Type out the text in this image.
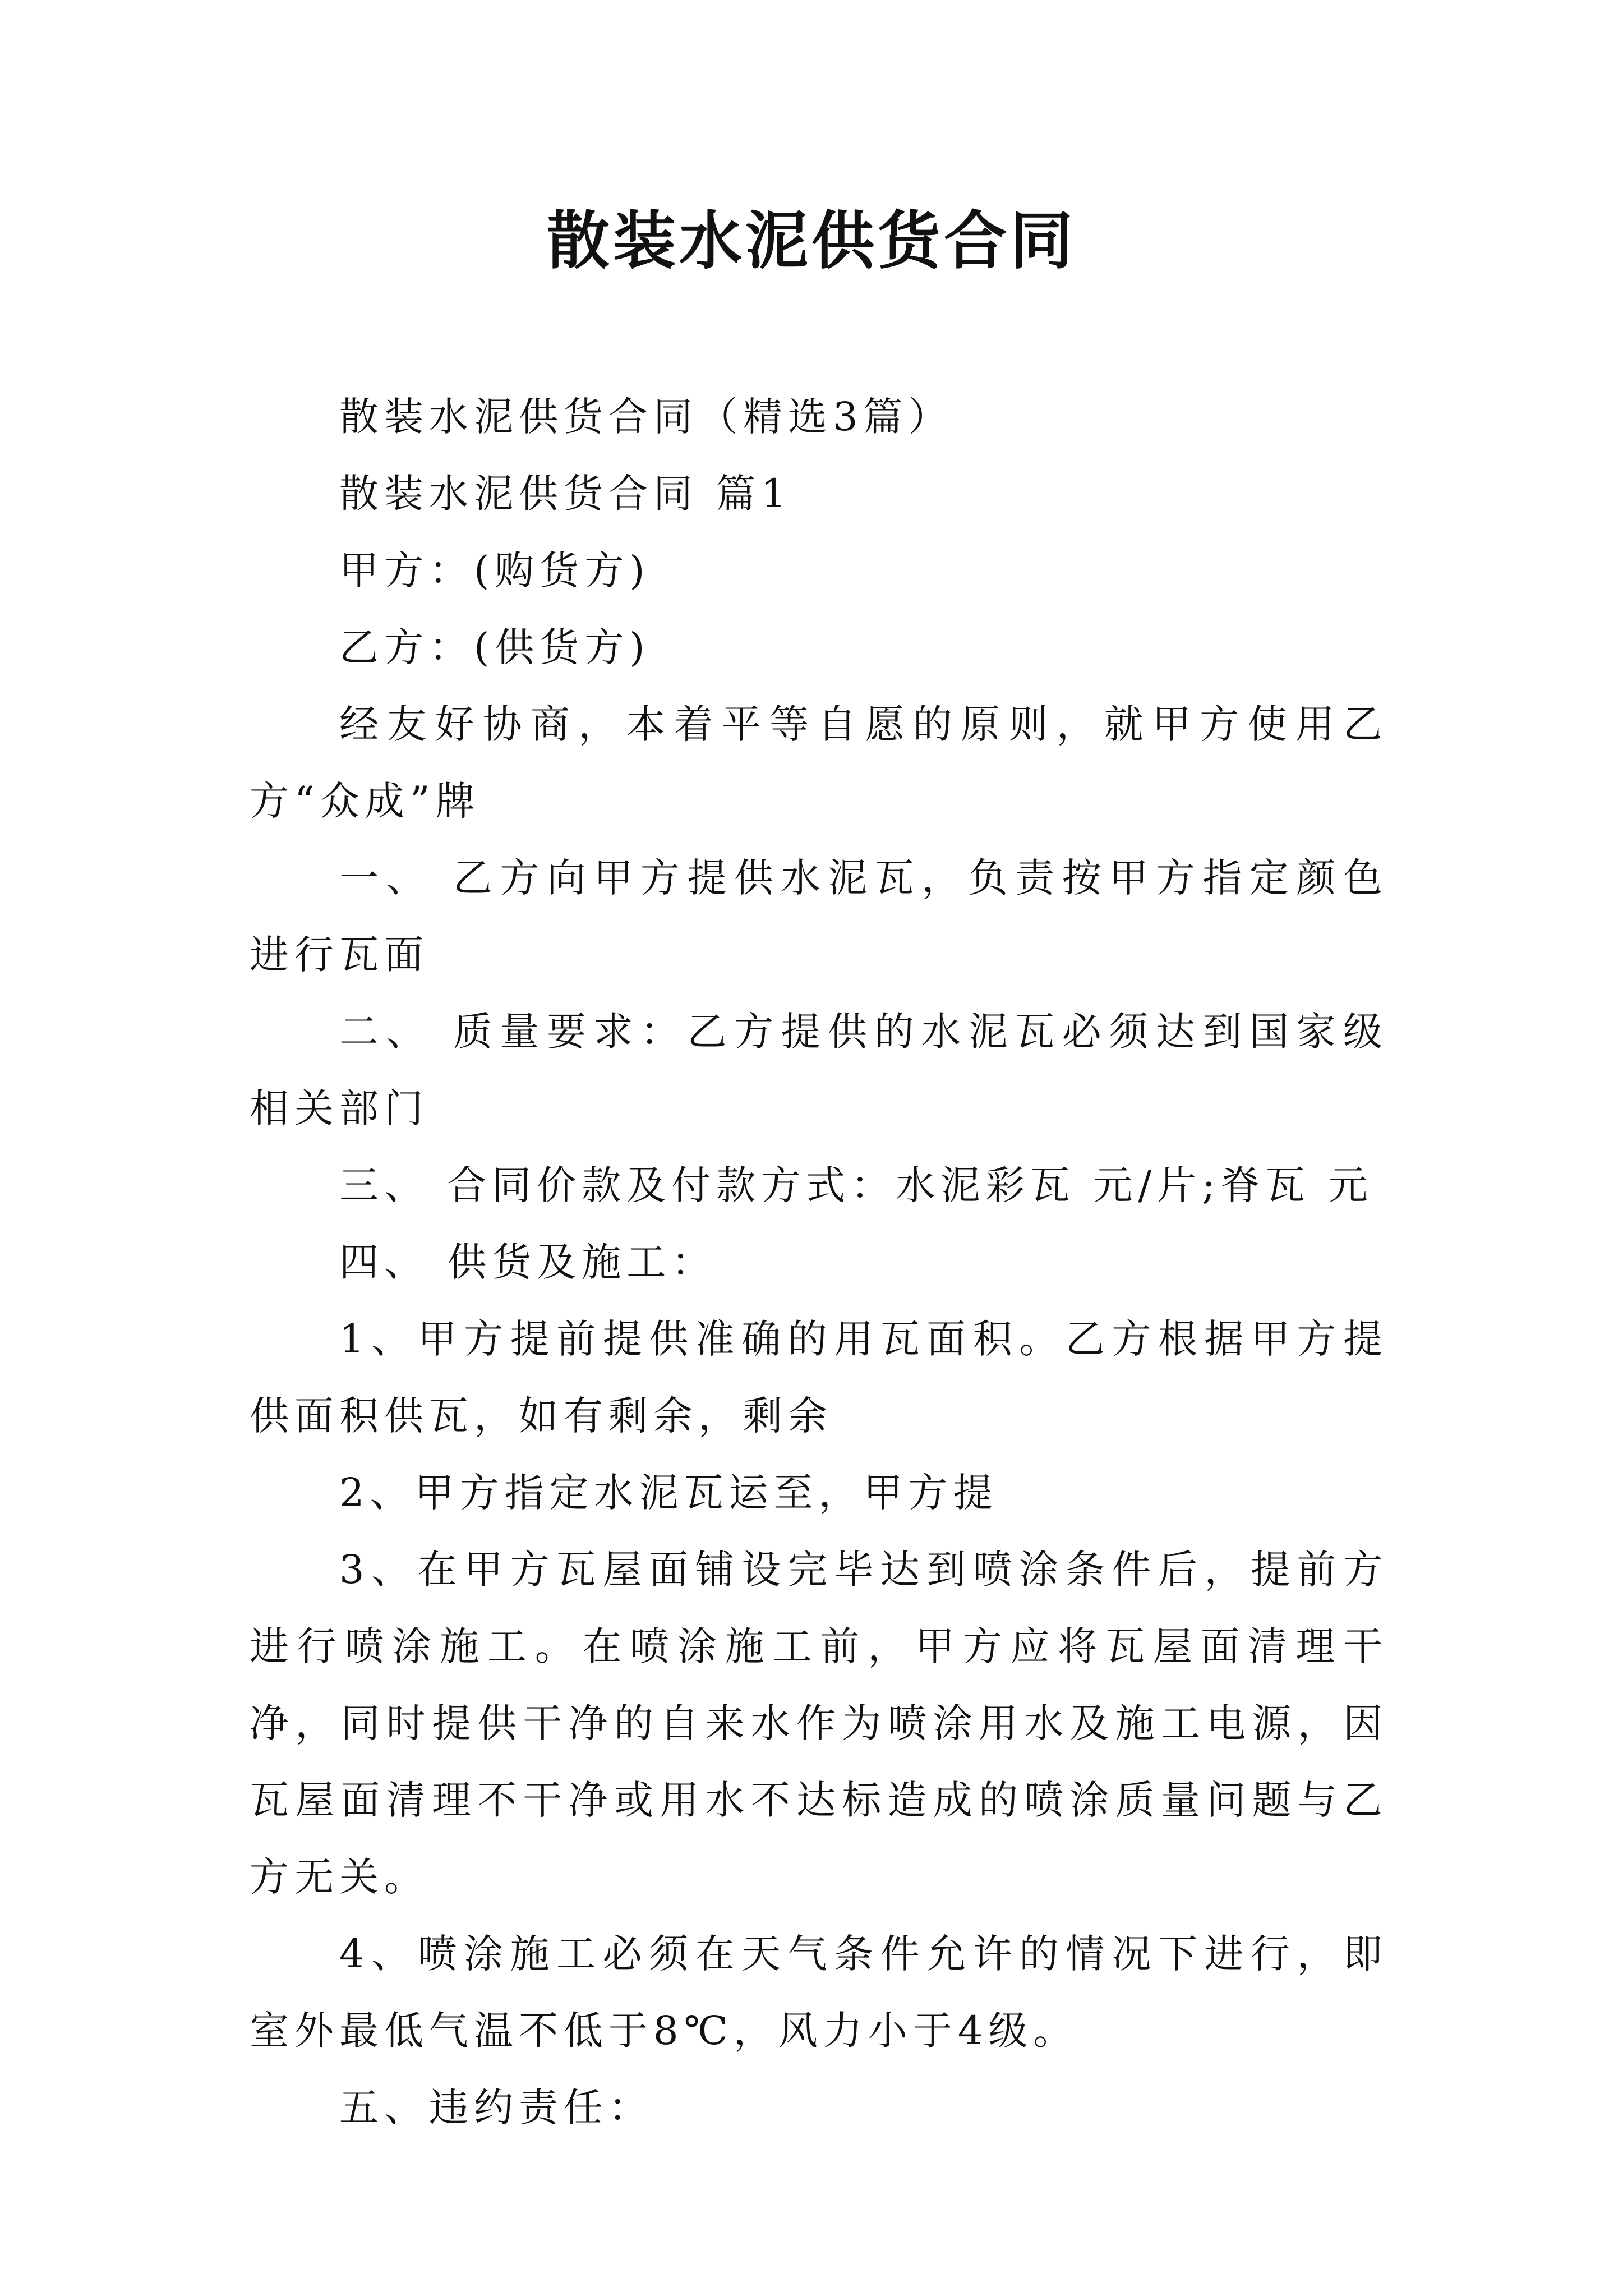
散装水泥供货合同

散装水泥供货合同（精选3篇）

散装水泥供货合同 篇1

甲方：(购货方)

乙方：(供货方)

经友好协商，本着平等自愿的原则，就甲方使用乙方“众成”牌

一、 乙方向甲方提供水泥瓦，负责按甲方指定颜色进行瓦面

二、 质量要求：乙方提供的水泥瓦必须达到国家级相关部门

三、 合同价款及付款方式：水泥彩瓦 元/片;脊瓦 元

四、 供货及施工：

1、甲方提前提供准确的用瓦面积。乙方根据甲方提供面积供瓦，如有剩余，剩余

2、甲方指定水泥瓦运至，甲方提

3、在甲方瓦屋面铺设完毕达到喷涂条件后，提前方进行喷涂施工。在喷涂施工前，甲方应将瓦屋面清理干净，同时提供干净的自来水作为喷涂用水及施工电源，因瓦屋面清理不干净或用水不达标造成的喷涂质量问题与乙方无关。

4、喷涂施工必须在天气条件允许的情况下进行，即室外最低气温不低于8℃，风力小于4级。

五、违约责任：
